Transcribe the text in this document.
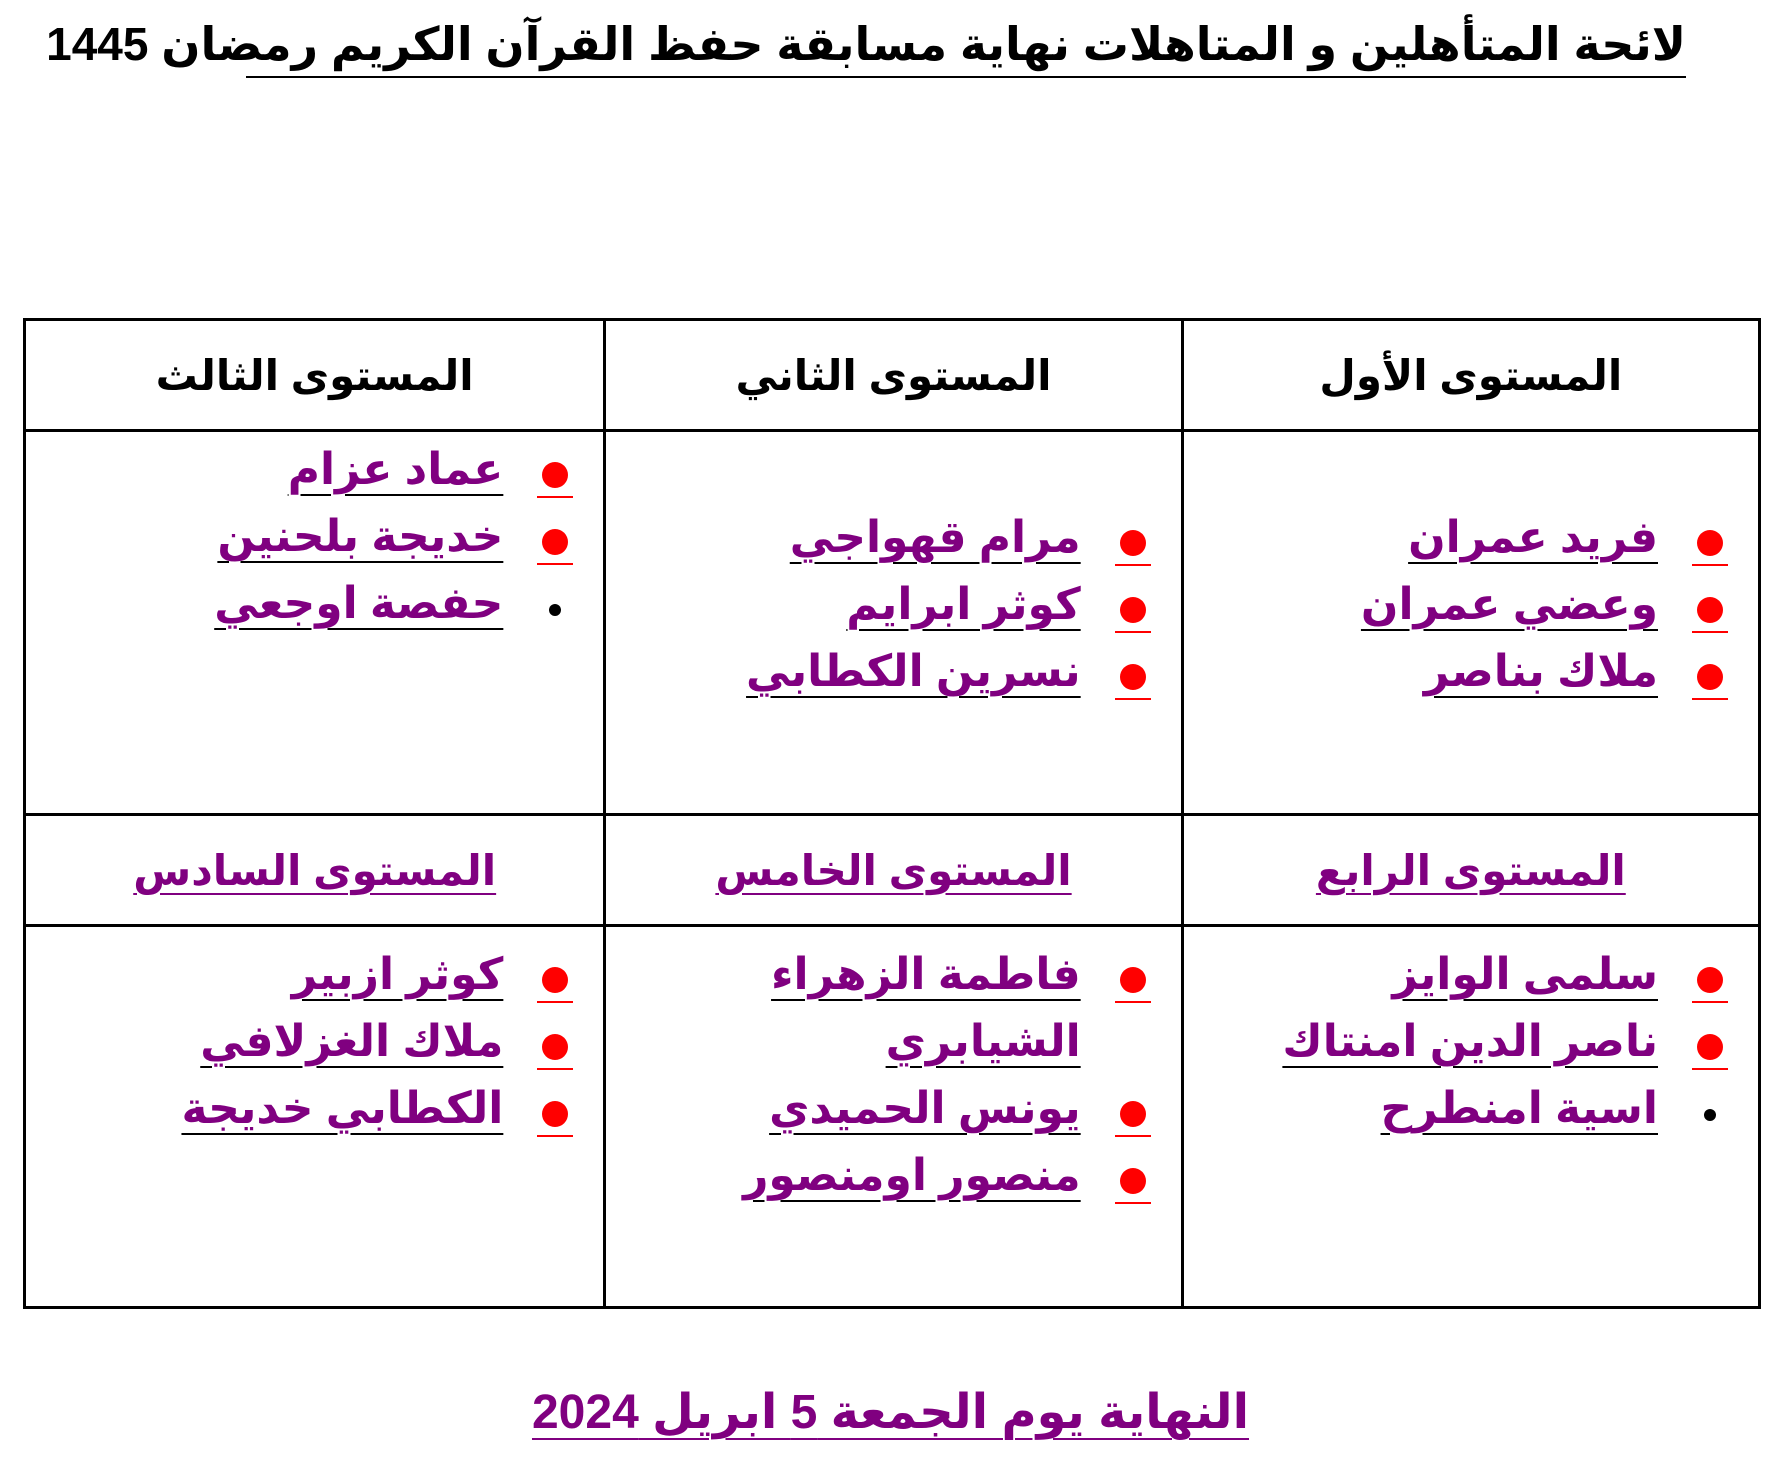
لائحة المتأهلين و المتاهلات نهاية مسابقة حفظ القرآن الكريم رمضان 1445
المستوى الأول
المستوى الثاني
المستوى الثالث
فريد عمران
وعضي عمران
ملاك بناصر
مرام قهواجي
كوثر ابرايم
نسرين الكطابي
عماد عزام
خديجة بلحنين
حفصة اوجعي
المستوى الرابع
المستوى الخامس
المستوى السادس
سلمى الوايز
ناصر الدين امنتاك
اسية امنطرح
فاطمة الزهراء
الشيابري
يونس الحميدي
منصور اومنصور
كوثر ازبير
ملاك الغزلافي
الكطابي خديجة
النهاية يوم الجمعة 5 ابريل 2024
